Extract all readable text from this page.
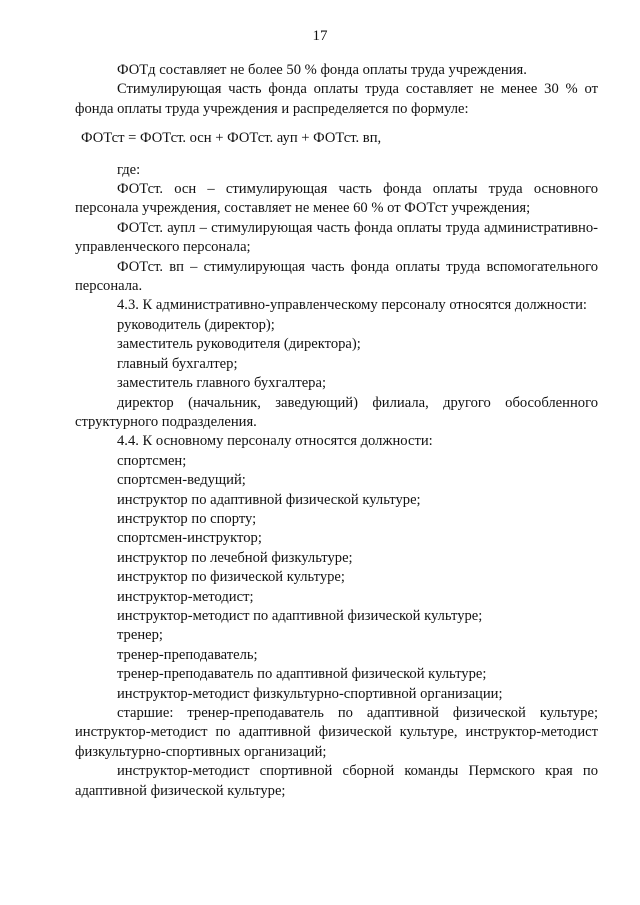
17

ФОТд составляет не более 50 % фонда оплаты труда учреждения.

Стимулирующая часть фонда оплаты труда составляет не менее 30 % от фонда оплаты труда учреждения и распределяется по формуле:

ФОТст = ФОТст. осн + ФОТст. ауп + ФОТст. вп,

где:

ФОТст. осн – стимулирующая часть фонда оплаты труда основного персонала учреждения, составляет не менее 60 % от ФОТст учреждения;

ФОТст. аупл – стимулирующая часть фонда оплаты труда административно-управленческого персонала;

ФОТст. вп – стимулирующая часть фонда оплаты труда вспомогательного персонала.

4.3. К административно-управленческому персоналу относятся должности:

руководитель (директор);

заместитель руководителя (директора);

главный бухгалтер;

заместитель главного бухгалтера;

директор (начальник, заведующий) филиала, другого обособленного структурного подразделения.

4.4. К основному персоналу относятся должности:

спортсмен;

спортсмен-ведущий;

инструктор по адаптивной физической культуре;

инструктор по спорту;

спортсмен-инструктор;

инструктор по лечебной физкультуре;

инструктор по физической культуре;

инструктор-методист;

инструктор-методист по адаптивной физической культуре;

тренер;

тренер-преподаватель;

тренер-преподаватель по адаптивной физической культуре;

инструктор-методист физкультурно-спортивной организации;

старшие: тренер-преподаватель по адаптивной физической культуре; инструктор-методист по адаптивной физической культуре, инструктор-методист физкультурно-спортивных организаций;

инструктор-методист спортивной сборной команды Пермского края по адаптивной физической культуре;
